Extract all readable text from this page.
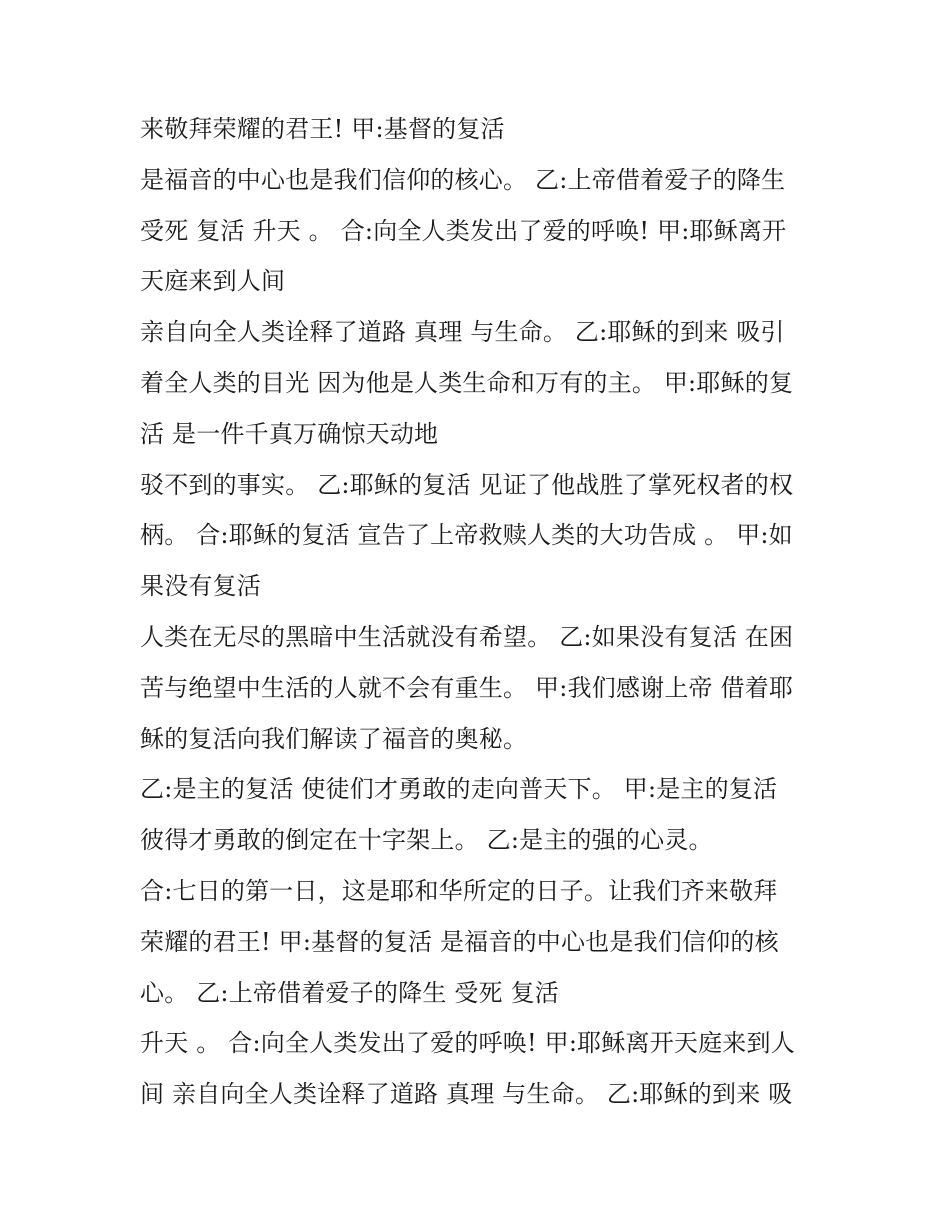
来敬拜荣耀的君王! 甲:基督的复活
是福音的中心也是我们信仰的核心。 乙:上帝借着爱子的降生
受死 复活 升天 。 合:向全人类发出了爱的呼唤! 甲:耶稣离开
天庭来到人间
亲自向全人类诠释了道路 真理 与生命。 乙:耶稣的到来 吸引
着全人类的目光 因为他是人类生命和万有的主。 甲:耶稣的复
活 是一件千真万确惊天动地
驳不到的事实。 乙:耶稣的复活 见证了他战胜了掌死权者的权
柄。 合:耶稣的复活 宣告了上帝救赎人类的大功告成 。 甲:如
果没有复活
人类在无尽的黑暗中生活就没有希望。 乙:如果没有复活 在困
苦与绝望中生活的人就不会有重生。 甲:我们感谢上帝 借着耶
稣的复活向我们解读了福音的奥秘。
乙:是主的复活 使徒们才勇敢的走向普天下。 甲:是主的复活
彼得才勇敢的倒定在十字架上。 乙:是主的强的心灵。
合:七日的第一日，这是耶和华所定的日子。让我们齐来敬拜
荣耀的君王! 甲:基督的复活 是福音的中心也是我们信仰的核
心。 乙:上帝借着爱子的降生 受死 复活
升天 。 合:向全人类发出了爱的呼唤! 甲:耶稣离开天庭来到人
间 亲自向全人类诠释了道路 真理 与生命。 乙:耶稣的到来 吸
